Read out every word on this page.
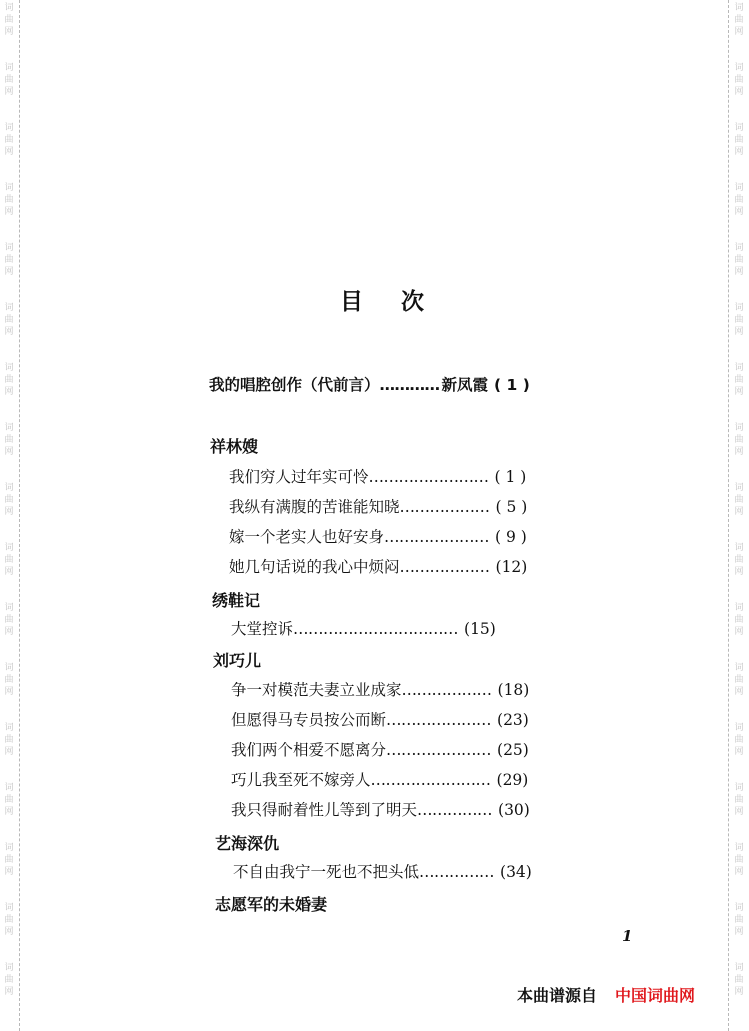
词
曲
网
词
曲
网
词
曲
网
词
曲
网
词
曲
网
词
曲
网
词
曲
网
词
曲
网
词
曲
网
词
曲
网
词
曲
网
词
曲
网
词
曲
网
词
曲
网
词
曲
网
词
曲
网
词
曲
网
词
曲
网
词
曲
网
词
曲
网
词
曲
网
词
曲
网
词
曲
网
词
曲
网
词
曲
网
词
曲
网
词
曲
网
词
曲
网
词
曲
网
词
曲
网
词
曲
网
词
曲
网
词
曲
网
词
曲
网
目次
我的唱腔创作（代前言）………… 新凤霞 ( 1 )
祥林嫂
我们穷人过年实可怜…………………… ( 1 )
我纵有满腹的苦谁能知晓……………… ( 5 )
嫁一个老实人也好安身………………… ( 9 )
她几句话说的我心中烦闷……………… (12)
绣鞋记
大堂控诉…………………………… (15)
刘巧儿
争一对模范夫妻立业成家……………… (18)
但愿得马专员按公而断………………… (23)
我们两个相爱不愿离分………………… (25)
巧儿我至死不嫁旁人…………………… (29)
我只得耐着性儿等到了明天…………… (30)
艺海深仇
不自由我宁一死也不把头低…………… (34)
志愿军的未婚妻
1
本曲谱源自 中国词曲网
